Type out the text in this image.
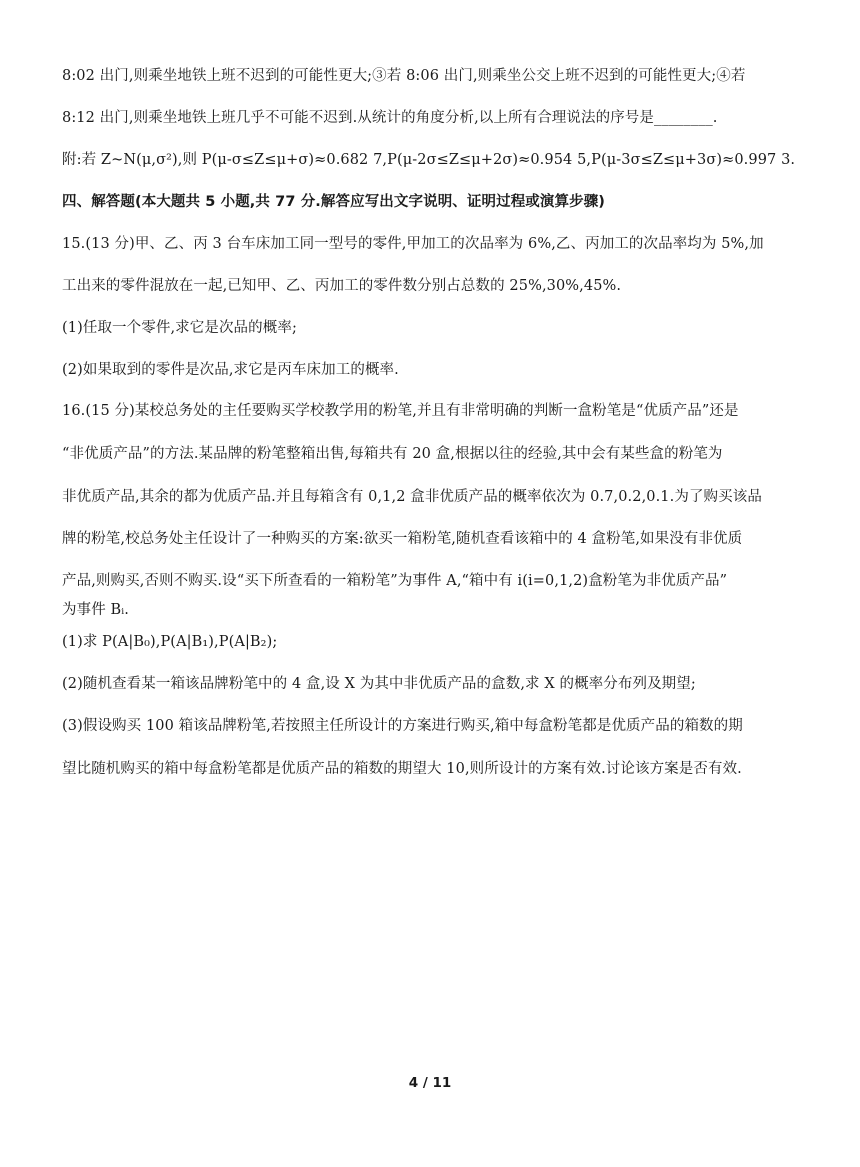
8:02 出门,则乘坐地铁上班不迟到的可能性更大;③若 8:06 出门,则乘坐公交上班不迟到的可能性更大;④若
8:12 出门,则乘坐地铁上班几乎不可能不迟到.从统计的角度分析,以上所有合理说法的序号是________.
附:若 Z~N(μ,σ²),则 P(μ-σ≤Z≤μ+σ)≈0.682 7,P(μ-2σ≤Z≤μ+2σ)≈0.954 5,P(μ-3σ≤Z≤μ+3σ)≈0.997 3.
四、解答题(本大题共 5 小题,共 77 分.解答应写出文字说明、证明过程或演算步骤)
15.(13 分)甲、乙、丙 3 台车床加工同一型号的零件,甲加工的次品率为 6%,乙、丙加工的次品率均为 5%,加
工出来的零件混放在一起,已知甲、乙、丙加工的零件数分别占总数的 25%,30%,45%.
(1)任取一个零件,求它是次品的概率;
(2)如果取到的零件是次品,求它是丙车床加工的概率.
16.(15 分)某校总务处的主任要购买学校教学用的粉笔,并且有非常明确的判断一盒粉笔是“优质产品”还是
“非优质产品”的方法.某品牌的粉笔整箱出售,每箱共有 20 盒,根据以往的经验,其中会有某些盒的粉笔为
非优质产品,其余的都为优质产品.并且每箱含有 0,1,2 盒非优质产品的概率依次为 0.7,0.2,0.1.为了购买该品
牌的粉笔,校总务处主任设计了一种购买的方案:欲买一箱粉笔,随机查看该箱中的 4 盒粉笔,如果没有非优质
产品,则购买,否则不购买.设“买下所查看的一箱粉笔”为事件 A,“箱中有 i(i=0,1,2)盒粉笔为非优质产品”
为事件 Bᵢ.
(1)求 P(A|B₀),P(A|B₁),P(A|B₂);
(2)随机查看某一箱该品牌粉笔中的 4 盒,设 X 为其中非优质产品的盒数,求 X 的概率分布列及期望;
(3)假设购买 100 箱该品牌粉笔,若按照主任所设计的方案进行购买,箱中每盒粉笔都是优质产品的箱数的期
望比随机购买的箱中每盒粉笔都是优质产品的箱数的期望大 10,则所设计的方案有效.讨论该方案是否有效.
4 / 11
